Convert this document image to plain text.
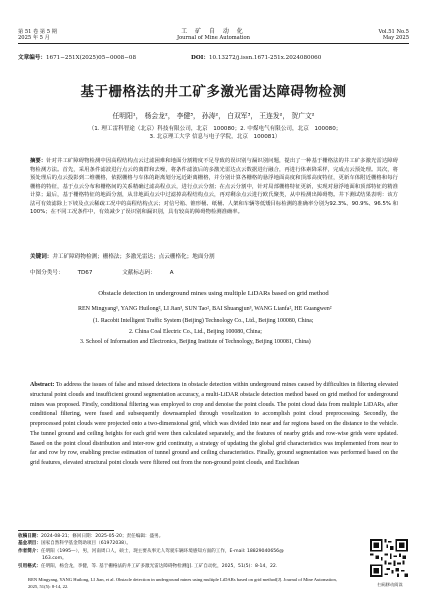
第 51 卷 第 5 期
2025 年 5 月
工 矿 自 动 化
Journal of Mine Automation
Vol.51 No.5
May 2025
文章编号：1671−251X(2025)05−0008−08	DOI：10.13272/j.issn.1671-251x.2024080060
基于栅格法的井工矿多激光雷达障碍物检测
任明阳¹， 杨会龙²， 李健³， 孙涛²， 白双军³， 王连发²， 贺广文²
（1. 理工雷科智途（北京）科技有限公司，北京　100080；2. 中煤电气有限公司，北京　100080；
3. 北京理工大学 信息与电子学院，北京　100081）
摘要：针对井工矿障碍物检测中因高程结构点云过滤困难和地面分割精度不足导致的误识别与漏识别问题，提出了一种基于栅格法的井工矿多激光雷达障碍物检测方法。首先，采用条件滤波进行点云的离群和去噪，将条件滤波后的多激光雷达点云数据进行融合，再进行体素降采样，完成点云预处理。其次，将预处理后的点云投影到二维栅格，依据栅格与车体的距离划分远近距离栅格，并分别计算各栅格的悬浮地面高度和顶部高度特征，更新车体附近栅格和每行栅格的特征，基于点云分布和栅格间的关系精确过滤高程点云，进行点云分割；在点云分割中，针对局部栅格特征更新，实现对悬浮地面和顶部特征的精准计算；最后，基于栅格特征的地面分割，从非地面点云中过滤掉高程结构点云，再对剩余点云进行欧氏聚类，从中检测出障碍物。井下测试结果表明：该方法可有效滤除上下坡及点云稀疏工况中的高程结构点云；对信号箱、锥形桶、纸桶、人架和车辆等低矮目标检测的准确率分别为92.3%、90.9%、96.5% 和 100%；在不同工况条件中，有效减少了误识别和漏识别，具有较高的障碍物检测准确率。
关键词：井工矿障碍物检测；栅格法；多激光雷达；点云栅格化；地面分割
中图分类号：	TD67	文献标志码：	A
Obstacle detection in underground mines using multiple LiDARs based on grid method
REN Mingyang¹, YANG Huilong², LI Jian³, SUN Tao², BAI Shuangjun³, WANG Lianfa², HE Guangwen²
(1. Racobit Intelligent Traffic System (Beijing) Technology Co., Ltd., Beijing 100080, China;
2. China Coal Electric Co., Ltd., Beijing 100080, China;
3. School of Information and Electronics, Beijing Institute of Technology, Beijing 100081, China)
Abstract: To address the issues of false and missed detections in obstacle detection within underground mines caused by difficulties in filtering elevated structural point clouds and insufficient ground segmentation accuracy, a multi-LiDAR obstacle detection method based on grid method for underground mines was proposed. Firstly, conditional filtering was employed to crop and denoise the point clouds. The point cloud data from multiple LiDARs, after conditional filtering, were fused and subsequently downsampled through voxelization to accomplish point cloud preprocessing. Secondly, the preprocessed point clouds were projected onto a two-dimensional grid, which was divided into near and far regions based on the distance to the vehicle. The tunnel ground and ceiling heights for each grid were then calculated separately, and the features of nearby grids and row-wise grids were updated. Based on the point cloud distribution and inter-row grid continuity, a strategy of updating the global grid characteristics was implemented from near to far and row by row, enabling precise estimation of tunnel ground and ceiling characteristics. Finally, ground segmentation was performed based on the grid features, elevated structural point clouds were filtered out from the non-ground point clouds, and Euclidean
收稿日期：2024-08-21；修回日期：2025-05-20；责任编辑：盛男。
基金项目：国家自然科学基金资助项目（61972038）。
作者简介：任明阳（1995—），男，河南周口人，硕士，现主要从事无人驾驶车辆环境感知方面的工作，E-mail: 18829040656@
163.com。
引用格式：任明阳，杨会龙，李健，等. 基于栅格法的井工矿多激光雷达障碍物检测[J]. 工矿自动化，2025，51(5)：8-14，22.
REN Mingyang, YANG Huilong, LI Jian, et al. Obstacle detection in underground mines using multiple LiDARs based on grid method[J]. Journal of Mine Automation, 2025, 51(5): 8-14, 22.	扫码移动阅读
